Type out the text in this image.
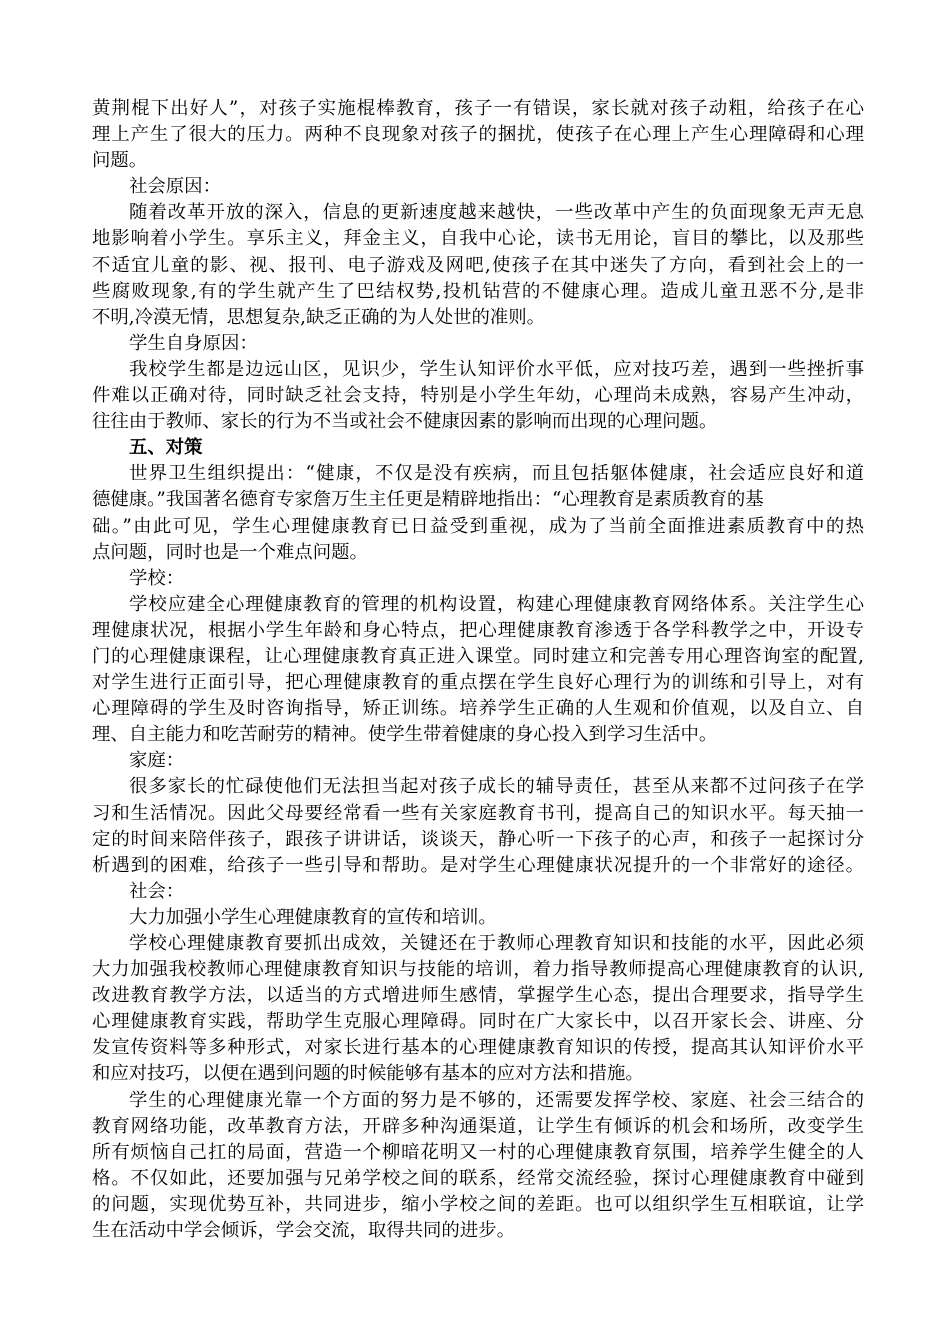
黄荆棍下出好人”，对孩子实施棍棒教育，孩子一有错误，家长就对孩子动粗，给孩子在心
理上产生了很大的压力。两种不良现象对孩子的捆扰，使孩子在心理上产生心理障碍和心理
问题。
社会原因：
随着改革开放的深入，信息的更新速度越来越快，一些改革中产生的负面现象无声无息
地影响着小学生。享乐主义，拜金主义，自我中心论，读书无用论，盲目的攀比，以及那些
不适宜儿童的影、视、报刊、电子游戏及网吧,使孩子在其中迷失了方向，看到社会上的一
些腐败现象,有的学生就产生了巴结权势,投机钻营的不健康心理。造成儿童丑恶不分,是非
不明,冷漠无情，思想复杂,缺乏正确的为人处世的准则。
学生自身原因：
我校学生都是边远山区，见识少，学生认知评价水平低，应对技巧差，遇到一些挫折事
件难以正确对待，同时缺乏社会支持，特别是小学生年幼，心理尚未成熟，容易产生冲动，
往往由于教师、家长的行为不当或社会不健康因素的影响而出现的心理问题。
五、对策
世界卫生组织提出：“健康，不仅是没有疾病，而且包括躯体健康，社会适应良好和道
德健康。”我国著名德育专家詹万生主任更是精辟地指出：“心理教育是素质教育的基
础。”由此可见，学生心理健康教育已日益受到重视，成为了当前全面推进素质教育中的热
点问题，同时也是一个难点问题。
学校：
学校应建全心理健康教育的管理的机构设置，构建心理健康教育网络体系。关注学生心
理健康状况，根据小学生年龄和身心特点，把心理健康教育渗透于各学科教学之中，开设专
门的心理健康课程，让心理健康教育真正进入课堂。同时建立和完善专用心理咨询室的配置,
对学生进行正面引导，把心理健康教育的重点摆在学生良好心理行为的训练和引导上，对有
心理障碍的学生及时咨询指导，矫正训练。培养学生正确的人生观和价值观，以及自立、自
理、自主能力和吃苦耐劳的精神。使学生带着健康的身心投入到学习生活中。
家庭：
很多家长的忙碌使他们无法担当起对孩子成长的辅导责任，甚至从来都不过问孩子在学
习和生活情况。因此父母要经常看一些有关家庭教育书刊，提高自己的知识水平。每天抽一
定的时间来陪伴孩子，跟孩子讲讲话，谈谈天，静心听一下孩子的心声，和孩子一起探讨分
析遇到的困难，给孩子一些引导和帮助。是对学生心理健康状况提升的一个非常好的途径。
社会：
大力加强小学生心理健康教育的宣传和培训。
学校心理健康教育要抓出成效，关键还在于教师心理教育知识和技能的水平，因此必须
大力加强我校教师心理健康教育知识与技能的培训，着力指导教师提高心理健康教育的认识,
改进教育教学方法，以适当的方式增进师生感情，掌握学生心态，提出合理要求，指导学生
心理健康教育实践，帮助学生克服心理障碍。同时在广大家长中，以召开家长会、讲座、分
发宣传资料等多种形式，对家长进行基本的心理健康教育知识的传授，提高其认知评价水平
和应对技巧，以便在遇到问题的时候能够有基本的应对方法和措施。
学生的心理健康光靠一个方面的努力是不够的，还需要发挥学校、家庭、社会三结合的
教育网络功能，改革教育方法，开辟多种沟通渠道，让学生有倾诉的机会和场所，改变学生
所有烦恼自己扛的局面，营造一个柳暗花明又一村的心理健康教育氛围，培养学生健全的人
格。不仅如此，还要加强与兄弟学校之间的联系，经常交流经验，探讨心理健康教育中碰到
的问题，实现优势互补，共同进步，缩小学校之间的差距。也可以组织学生互相联谊，让学
生在活动中学会倾诉，学会交流，取得共同的进步。
